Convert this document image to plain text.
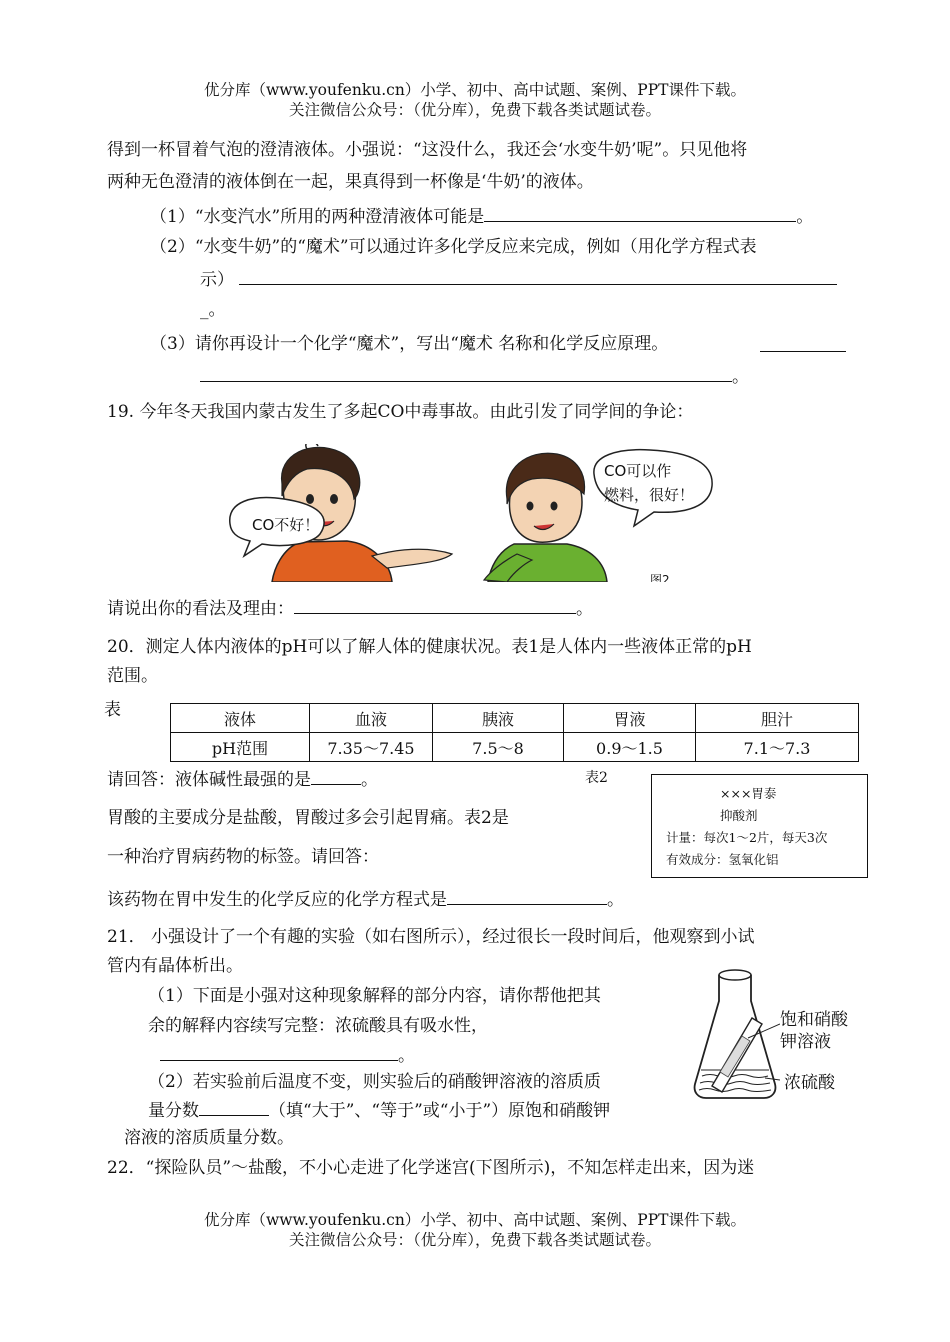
优分库（www.youfenku.cn）小学、初中、高中试题、案例、PPT课件下载。
关注微信公众号：（优分库），免费下载各类试题试卷。
得到一杯冒着气泡的澄清液体。小强说：“这没什么，我还会‘水变牛奶’呢”。只见他将
两种无色澄清的液体倒在一起，果真得到一杯像是‘牛奶’的液体。
（1）“水变汽水”所用的两种澄清液体可能是	。
（2）“水变牛奶”的“魔术”可以通过许多化学反应来完成，例如（用化学方程式表
示）
_。
（3）请你再设计一个化学“魔术”，写出“魔术 名称和化学反应原理。
。
19. 今年冬天我国内蒙古发生了多起CO中毒事故。由此引发了同学间的争论：
CO不好！
CO可以作
燃料，很好！
图2
请说出你的看法及理由：	。
20．测定人体内液体的pH可以了解人体的健康状况。表1是人体内一些液体正常的pH
范围。
表	液体	血液	胰液	胃液	胆汁
pH范围	7.35～7.45	7.5～8	0.9～1.5	7.1～7.3
请回答：液体碱性最强的是	。	表2
×××胃泰
抑酸剂
计量：每次1～2片，每天3次
有效成分：氢氧化铝
胃酸的主要成分是盐酸，胃酸过多会引起胃痛。表2是
一种治疗胃病药物的标签。请回答：
该药物在胃中发生的化学反应的化学方程式是	。
21． 小强设计了一个有趣的实验（如右图所示），经过很长一段时间后，他观察到小试
管内有晶体析出。
（1）下面是小强对这种现象解释的部分内容，请你帮他把其
余的解释内容续写完整：浓硫酸具有吸水性，
。
（2）若实验前后温度不变，则实验后的硝酸钾溶液的溶质质
量分数	（填“大于”、“等于”或“小于”）原饱和硝酸钾
溶液的溶质质量分数。
饱和硝酸
钾溶液
浓硫酸
22．“探险队员”～盐酸，不小心走进了化学迷宫(下图所示)，不知怎样走出来，因为迷
优分库（www.youfenku.cn）小学、初中、高中试题、案例、PPT课件下载。
关注微信公众号：（优分库），免费下载各类试题试卷。
